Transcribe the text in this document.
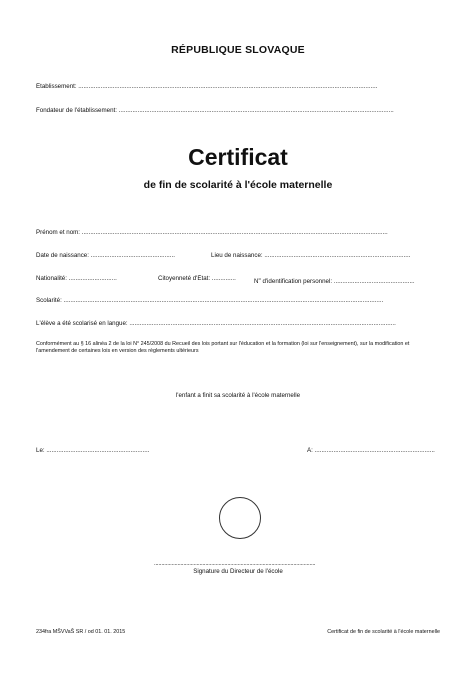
RÉPUBLIQUE SLOVAQUE
Établissement: ..............................................................................................................................................................................
Fondateur de l'établissement: ................................................................................................................................................................
Certificat
de fin de scolarité à l'école maternelle
Prénom et nom: ..................................................................................................................................................................................
Date de naissance: .................................................	Lieu de naissance: .....................................................................................
Nationalité: ............................	Citoyenneté d'État: ..............	$N^o$ d'identification personnel: ...............................................
Scolarité: ..........................................................................................................................................................................................
L'élève a été scolarisé en langue: ...........................................................................................................................................................
Conformément au § 16 alinéa 2 de la loi N° 245/2008 du Recueil des lois portant sur l'éducation et la formation (loi sur l'enseignement), sur la modification et l'amendement de certaines lois en version des règlements ultérieurs
l'enfant a finit sa scolarité à l'école maternelle
Le: ............................................................	À: ......................................................................
..............................................................................................................
Signature du Directeur de l'école
234fra MŠVVaŠ SR / od 01. 01. 2015	Certificat de fin de scolarité à l'école maternelle
